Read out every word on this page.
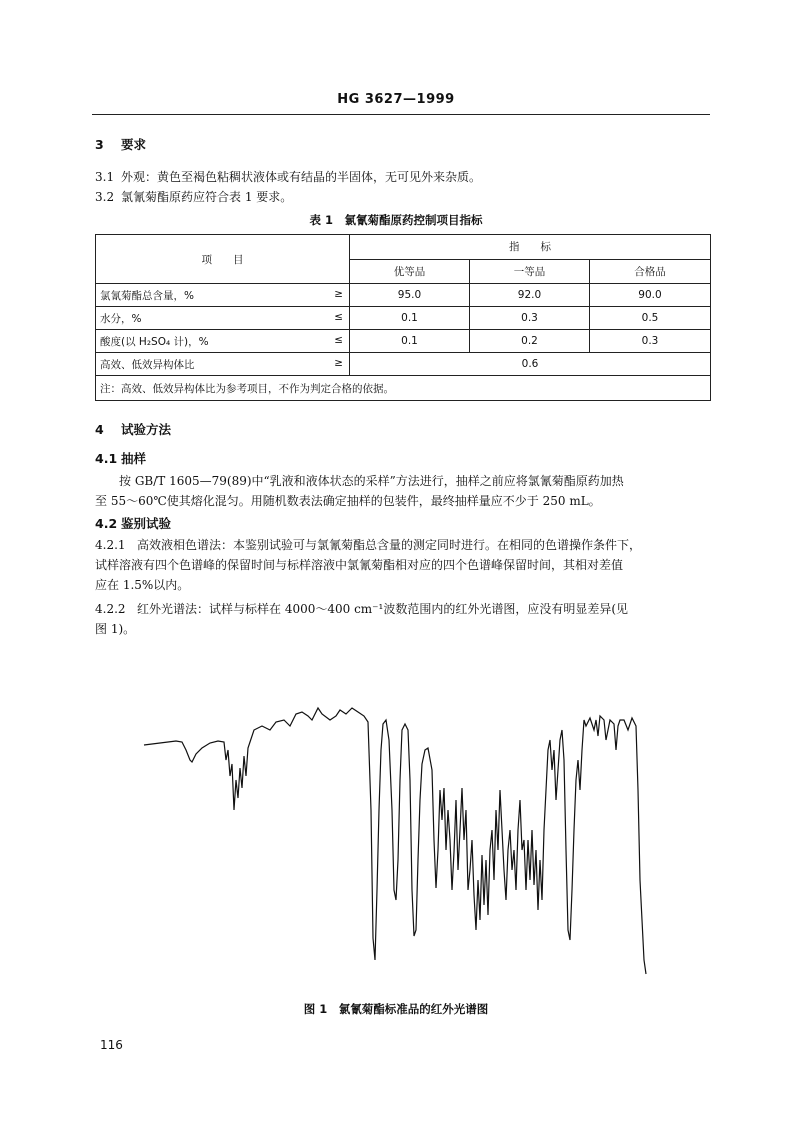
HG 3627—1999
3 要求
3.1 外观：黄色至褐色粘稠状液体或有结晶的半固体，无可见外来杂质。
3.2 氯氰菊酯原药应符合表 1 要求。
表 1　氯氰菊酯原药控制项目指标
项　　目	指　　标		
	优等品	一等品	合格品
氯氰菊酯总含量，% ≥	95.0	92.0	90.0
水分，% ≤	0.1	0.3	0.5
酸度(以 H₂SO₄ 计)，% ≤	0.1	0.2	0.3
高效、低效异构体比 ≥	0.6		
注：高效、低效异构体比为参考项目，不作为判定合格的依据。			
4 试验方法
4.1 抽样
按 GB/T 1605—79(89)中“乳液和液体状态的采样”方法进行，抽样之前应将氯氰菊酯原药加热
至 55～60℃使其熔化混匀。用随机数表法确定抽样的包装件，最终抽样量应不少于 250 mL。
4.2 鉴别试验
4.2.1 高效液相色谱法：本鉴别试验可与氯氰菊酯总含量的测定同时进行。在相同的色谱操作条件下，
试样溶液有四个色谱峰的保留时间与标样溶液中氯氰菊酯相对应的四个色谱峰保留时间，其相对差值
应在 1.5%以内。
4.2.2 红外光谱法：试样与标样在 4000～400 cm⁻¹波数范围内的红外光谱图，应没有明显差异(见
图 1)。
图 1　氯氰菊酯标准品的红外光谱图
116
